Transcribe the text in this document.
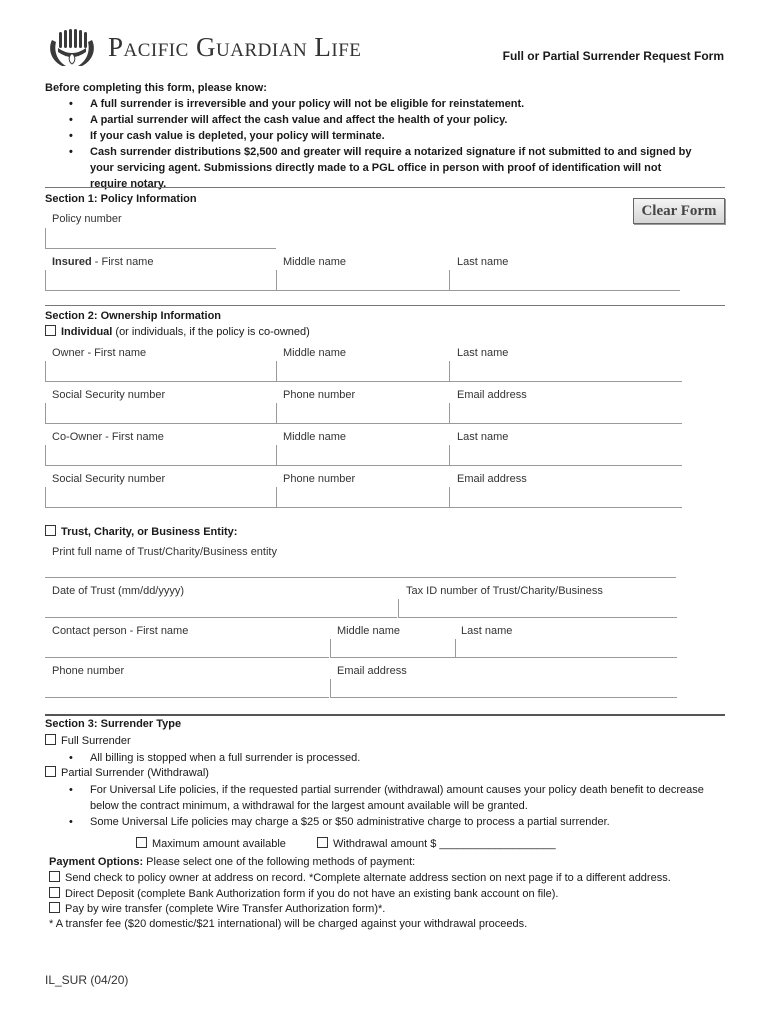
Pacific Guardian Life	Full or Partial Surrender Request Form
Before completing this form, please know:
• A full surrender is irreversible and your policy will not be eligible for reinstatement.
• A partial surrender will affect the cash value and affect the health of your policy.
• If your cash value is depleted, your policy will terminate.
• Cash surrender distributions $2,500 and greater will require a notarized signature if not submitted to and signed by your servicing agent. Submissions directly made to a PGL office in person with proof of identification will not require notary.
Section 1: Policy Information
Clear Form
Policy number
Insured - First name	Middle name	Last name
Section 2: Ownership Information
Individual (or individuals, if the policy is co-owned)
Owner - First name	Middle name	Last name
Social Security number	Phone number	Email address
Co-Owner - First name	Middle name	Last name
Social Security number	Phone number	Email address
Trust, Charity, or Business Entity:
Print full name of Trust/Charity/Business entity
Date of Trust (mm/dd/yyyy)	Tax ID number of Trust/Charity/Business
Contact person - First name	Middle name	Last name
Phone number	Email address
Section 3: Surrender Type
Full Surrender
• All billing is stopped when a full surrender is processed.
Partial Surrender (Withdrawal)
• For Universal Life policies, if the requested partial surrender (withdrawal) amount causes your policy death benefit to decrease below the contract minimum, a withdrawal for the largest amount available will be granted.
• Some Universal Life policies may charge a $25 or $50 administrative charge to process a partial surrender.
Maximum amount available	Withdrawal amount $ ___________________
Payment Options: Please select one of the following methods of payment:
Send check to policy owner at address on record. *Complete alternate address section on next page if to a different address.
Direct Deposit (complete Bank Authorization form if you do not have an existing bank account on file).
Pay by wire transfer (complete Wire Transfer Authorization form)*.
* A transfer fee ($20 domestic/$21 international) will be charged against your withdrawal proceeds.
IL_SUR (04/20)
